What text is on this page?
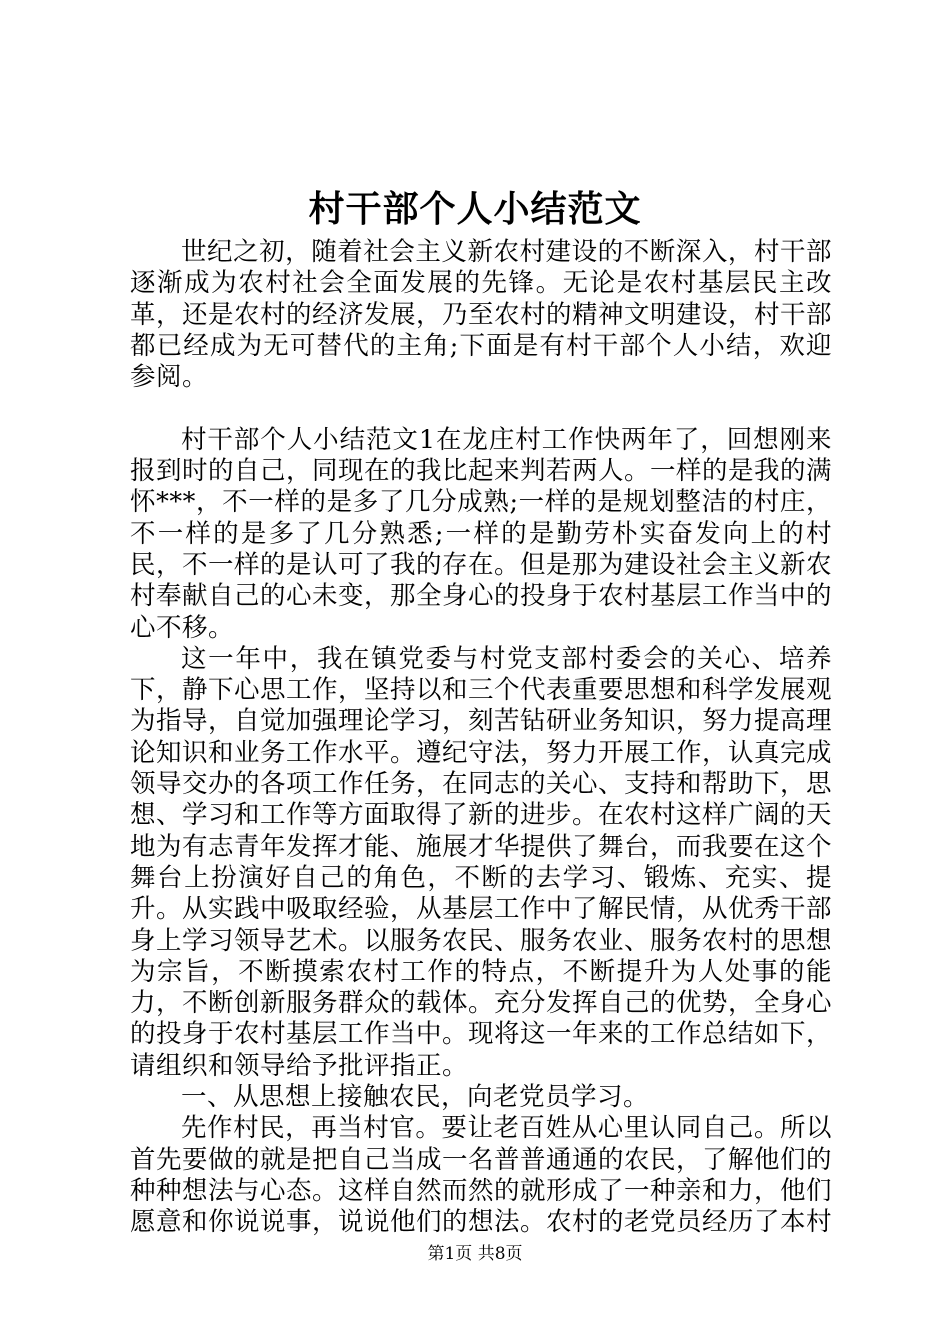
村干部个人小结范文

世纪之初，随着社会主义新农村建设的不断深入，村干部逐渐成为农村社会全面发展的先锋。无论是农村基层民主改革，还是农村的经济发展，乃至农村的精神文明建设，村干部都已经成为无可替代的主角;下面是有村干部个人小结，欢迎参阅。

村干部个人小结范文1在龙庄村工作快两年了，回想刚来报到时的自己，同现在的我比起来判若两人。一样的是我的满怀***，不一样的是多了几分成熟;一样的是规划整洁的村庄，不一样的是多了几分熟悉;一样的是勤劳朴实奋发向上的村民，不一样的是认可了我的存在。但是那为建设社会主义新农村奉献自己的心未变，那全身心的投身于农村基层工作当中的心不移。

这一年中，我在镇党委与村党支部村委会的关心、培养下，静下心思工作，坚持以和三个代表重要思想和科学发展观为指导，自觉加强理论学习，刻苦钻研业务知识，努力提高理论知识和业务工作水平。遵纪守法，努力开展工作，认真完成领导交办的各项工作任务，在同志的关心、支持和帮助下，思想、学习和工作等方面取得了新的进步。在农村这样广阔的天地为有志青年发挥才能、施展才华提供了舞台，而我要在这个舞台上扮演好自己的角色，不断的去学习、锻炼、充实、提升。从实践中吸取经验，从基层工作中了解民情，从优秀干部身上学习领导艺术。以服务农民、服务农业、服务农村的思想为宗旨，不断摸索农村工作的特点，不断提升为人处事的能力，不断创新服务群众的载体。充分发挥自己的优势，全身心的投身于农村基层工作当中。现将这一年来的工作总结如下，请组织和领导给予批评指正。

一、从思想上接触农民，向老党员学习。

先作村民，再当村官。要让老百姓从心里认同自己。所以首先要做的就是把自己当成一名普普通通的农民，了解他们的种种想法与心态。这样自然而然的就形成了一种亲和力，他们愿意和你说说事，说说他们的想法。农村的老党员经历了本村

第1页 共8页
